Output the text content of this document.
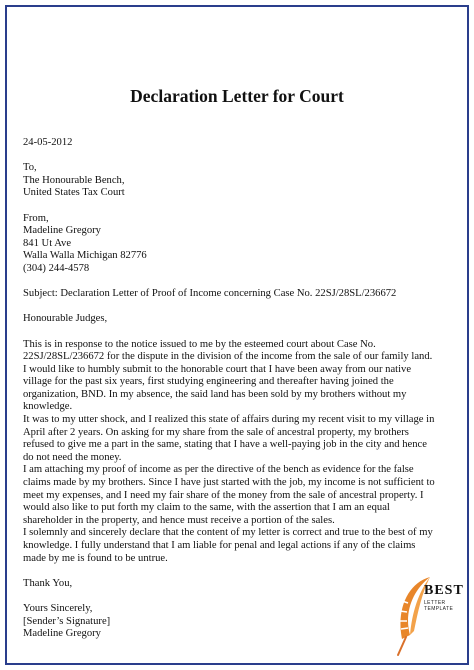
Declaration Letter for Court
24-05-2012
To,
The Honourable Bench,
United States Tax Court
From,
Madeline Gregory
841 Ut Ave
Walla Walla Michigan 82776
(304) 244-4578
Subject: Declaration Letter of Proof of Income concerning Case No. 22SJ/28SL/236672
Honourable Judges,
This is in response to the notice issued to me by the esteemed court about Case No.
22SJ/28SL/236672 for the dispute in the division of the income from the sale of our family land.
I would like to humbly submit to the honorable court that I have been away from our native
village for the past six years, first studying engineering and thereafter having joined the
organization, BND. In my absence, the said land has been sold by my brothers without my
knowledge.
It was to my utter shock, and I realized this state of affairs during my recent visit to my village in
April after 2 years. On asking for my share from the sale of ancestral property, my brothers
refused to give me a part in the same, stating that I have a well-paying job in the city and hence
do not need the money.
I am attaching my proof of income as per the directive of the bench as evidence for the false
claims made by my brothers. Since I have just started with the job, my income is not sufficient to
meet my expenses, and I need my fair share of the money from the sale of ancestral property. I
would also like to put forth my claim to the same, with the assertion that I am an equal
shareholder in the property, and hence must receive a portion of the sales.
I solemnly and sincerely declare that the content of my letter is correct and true to the best of my
knowledge. I fully understand that I am liable for penal and legal actions if any of the claims
made by me is found to be untrue.
Thank You,
Yours Sincerely,
[Sender’s Signature]
Madeline Gregory
BEST
LETTER TEMPLATE
